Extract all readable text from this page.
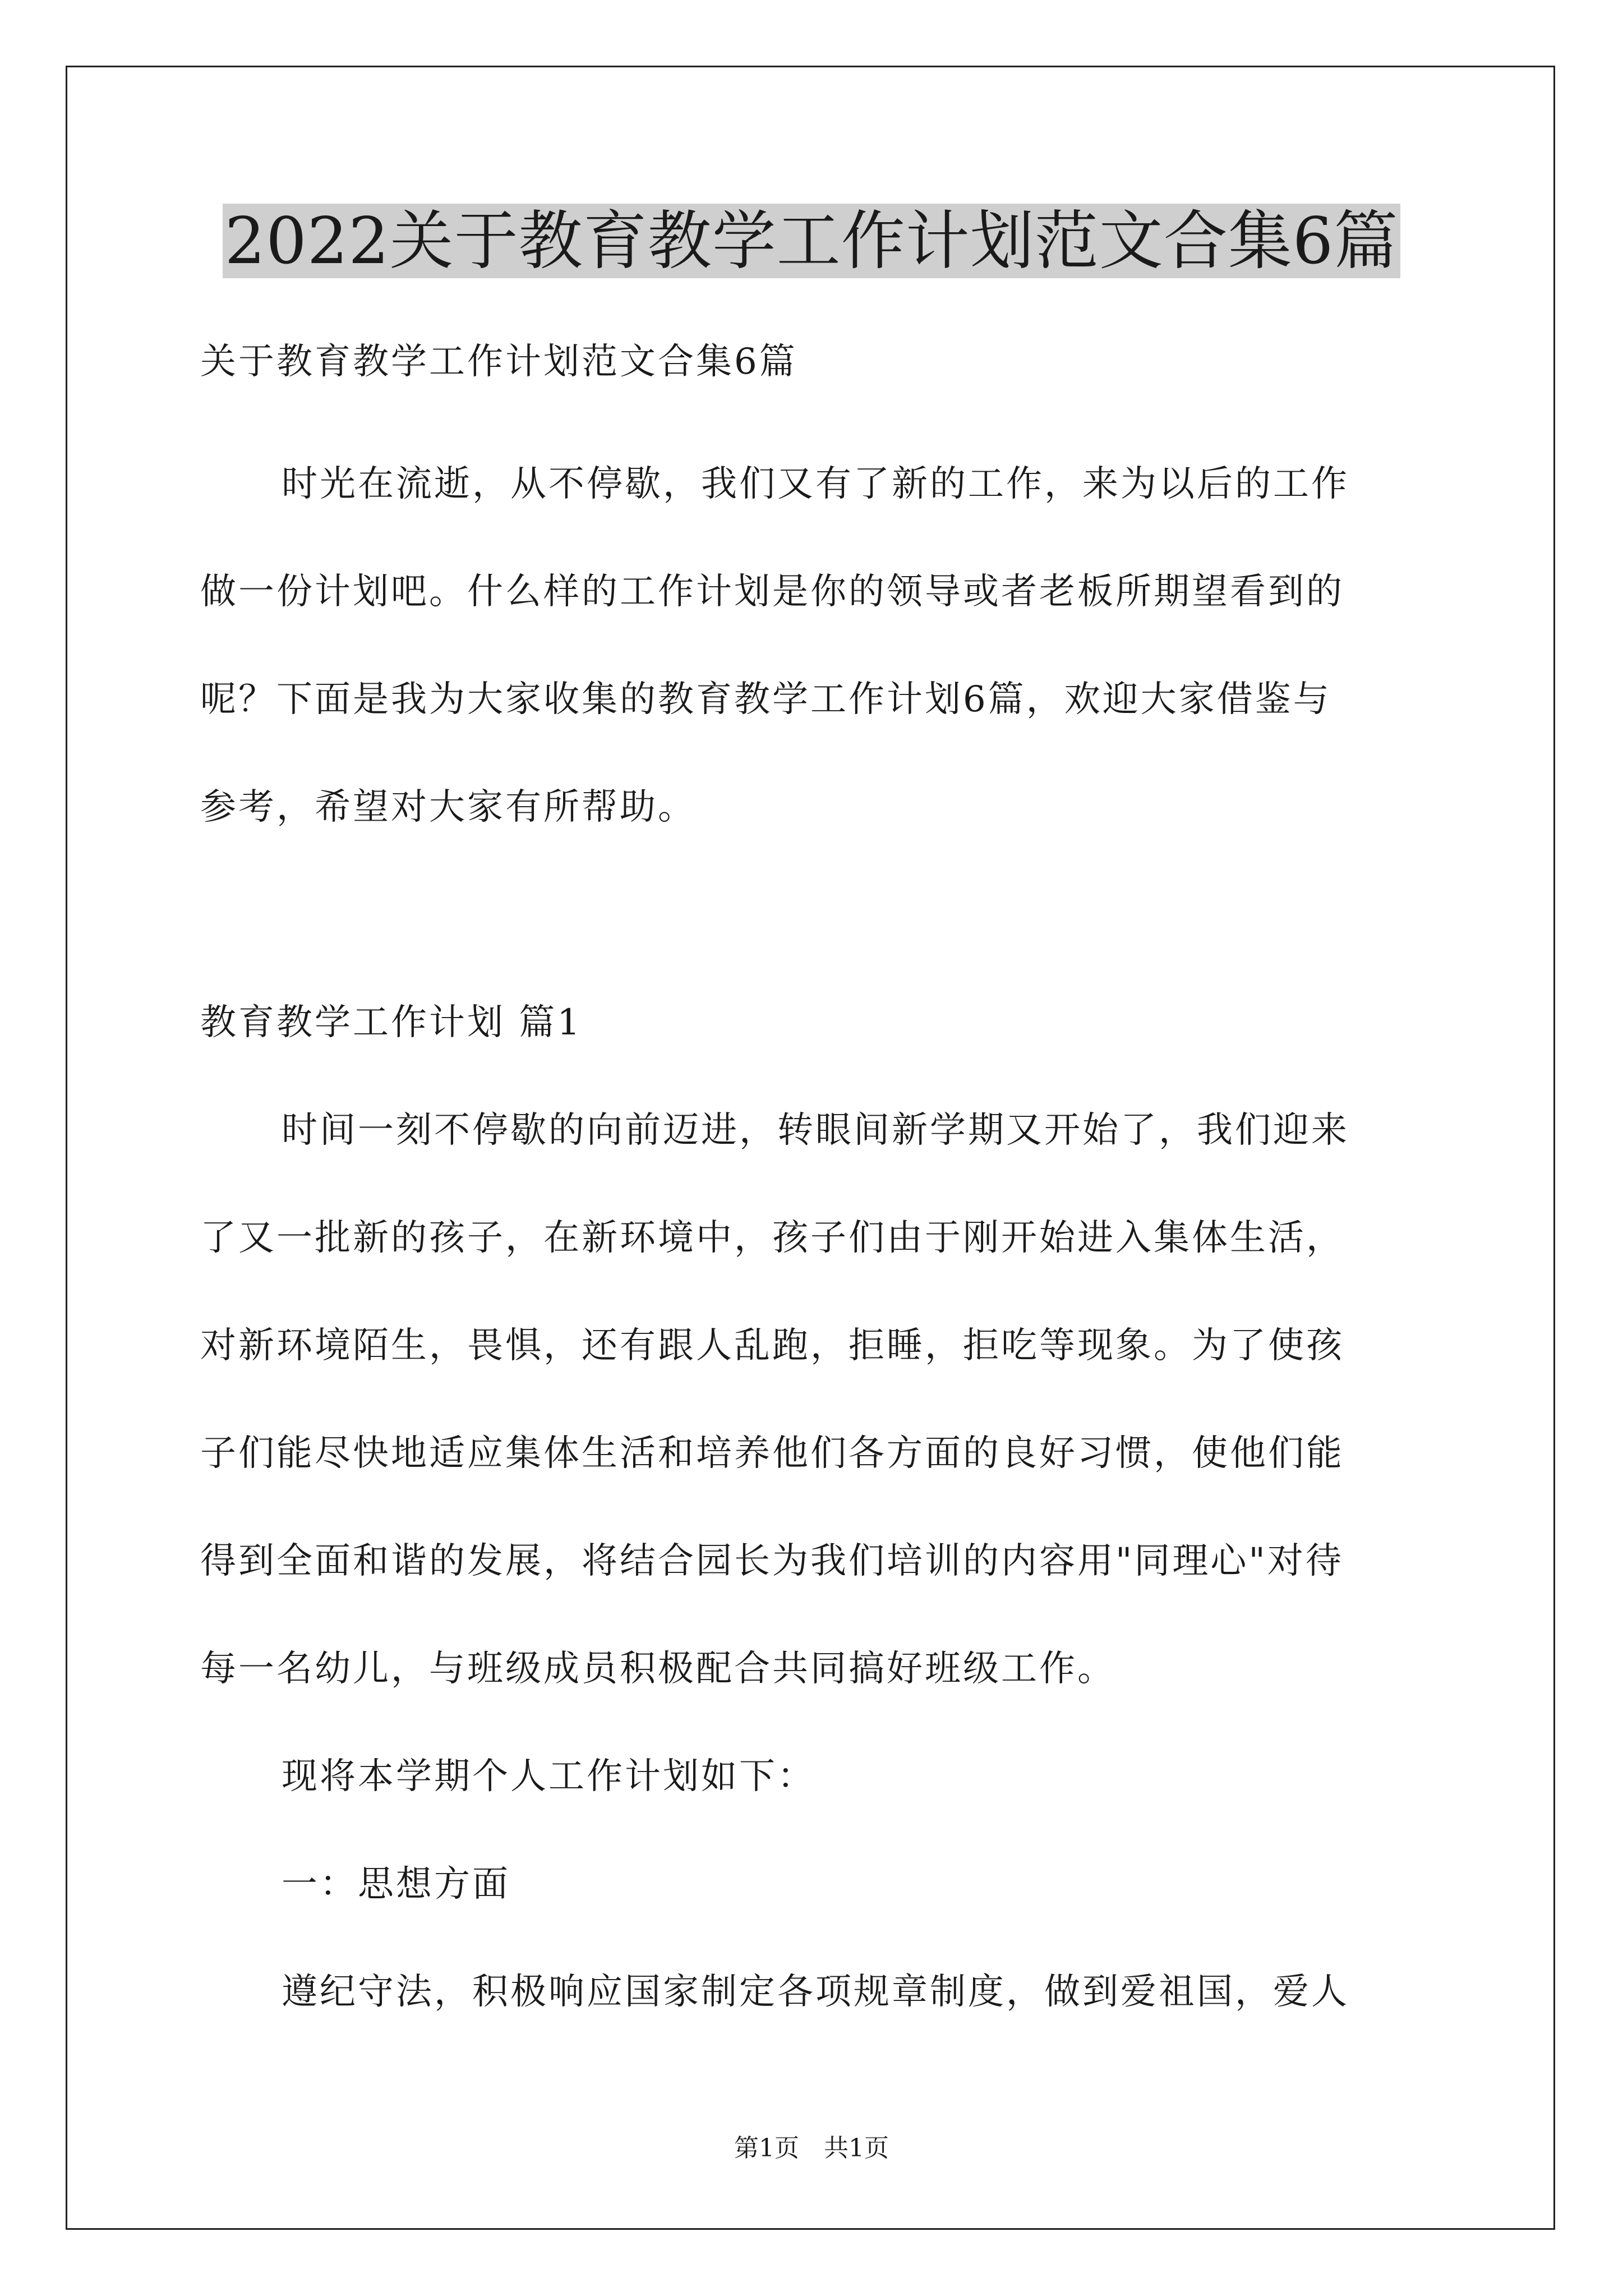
2022关于教育教学工作计划范文合集6篇
关于教育教学工作计划范文合集6篇
时光在流逝，从不停歇，我们又有了新的工作，来为以后的工作
做一份计划吧。什么样的工作计划是你的领导或者老板所期望看到的
呢？下面是我为大家收集的教育教学工作计划6篇，欢迎大家借鉴与
参考，希望对大家有所帮助。
教育教学工作计划 篇1
时间一刻不停歇的向前迈进，转眼间新学期又开始了，我们迎来
了又一批新的孩子，在新环境中，孩子们由于刚开始进入集体生活，
对新环境陌生，畏惧，还有跟人乱跑，拒睡，拒吃等现象。为了使孩
子们能尽快地适应集体生活和培养他们各方面的良好习惯，使他们能
得到全面和谐的发展，将结合园长为我们培训的内容用"同理心"对待
每一名幼儿，与班级成员积极配合共同搞好班级工作。
现将本学期个人工作计划如下：
一：思想方面
遵纪守法，积极响应国家制定各项规章制度，做到爱祖国，爱人
第1页　共1页
